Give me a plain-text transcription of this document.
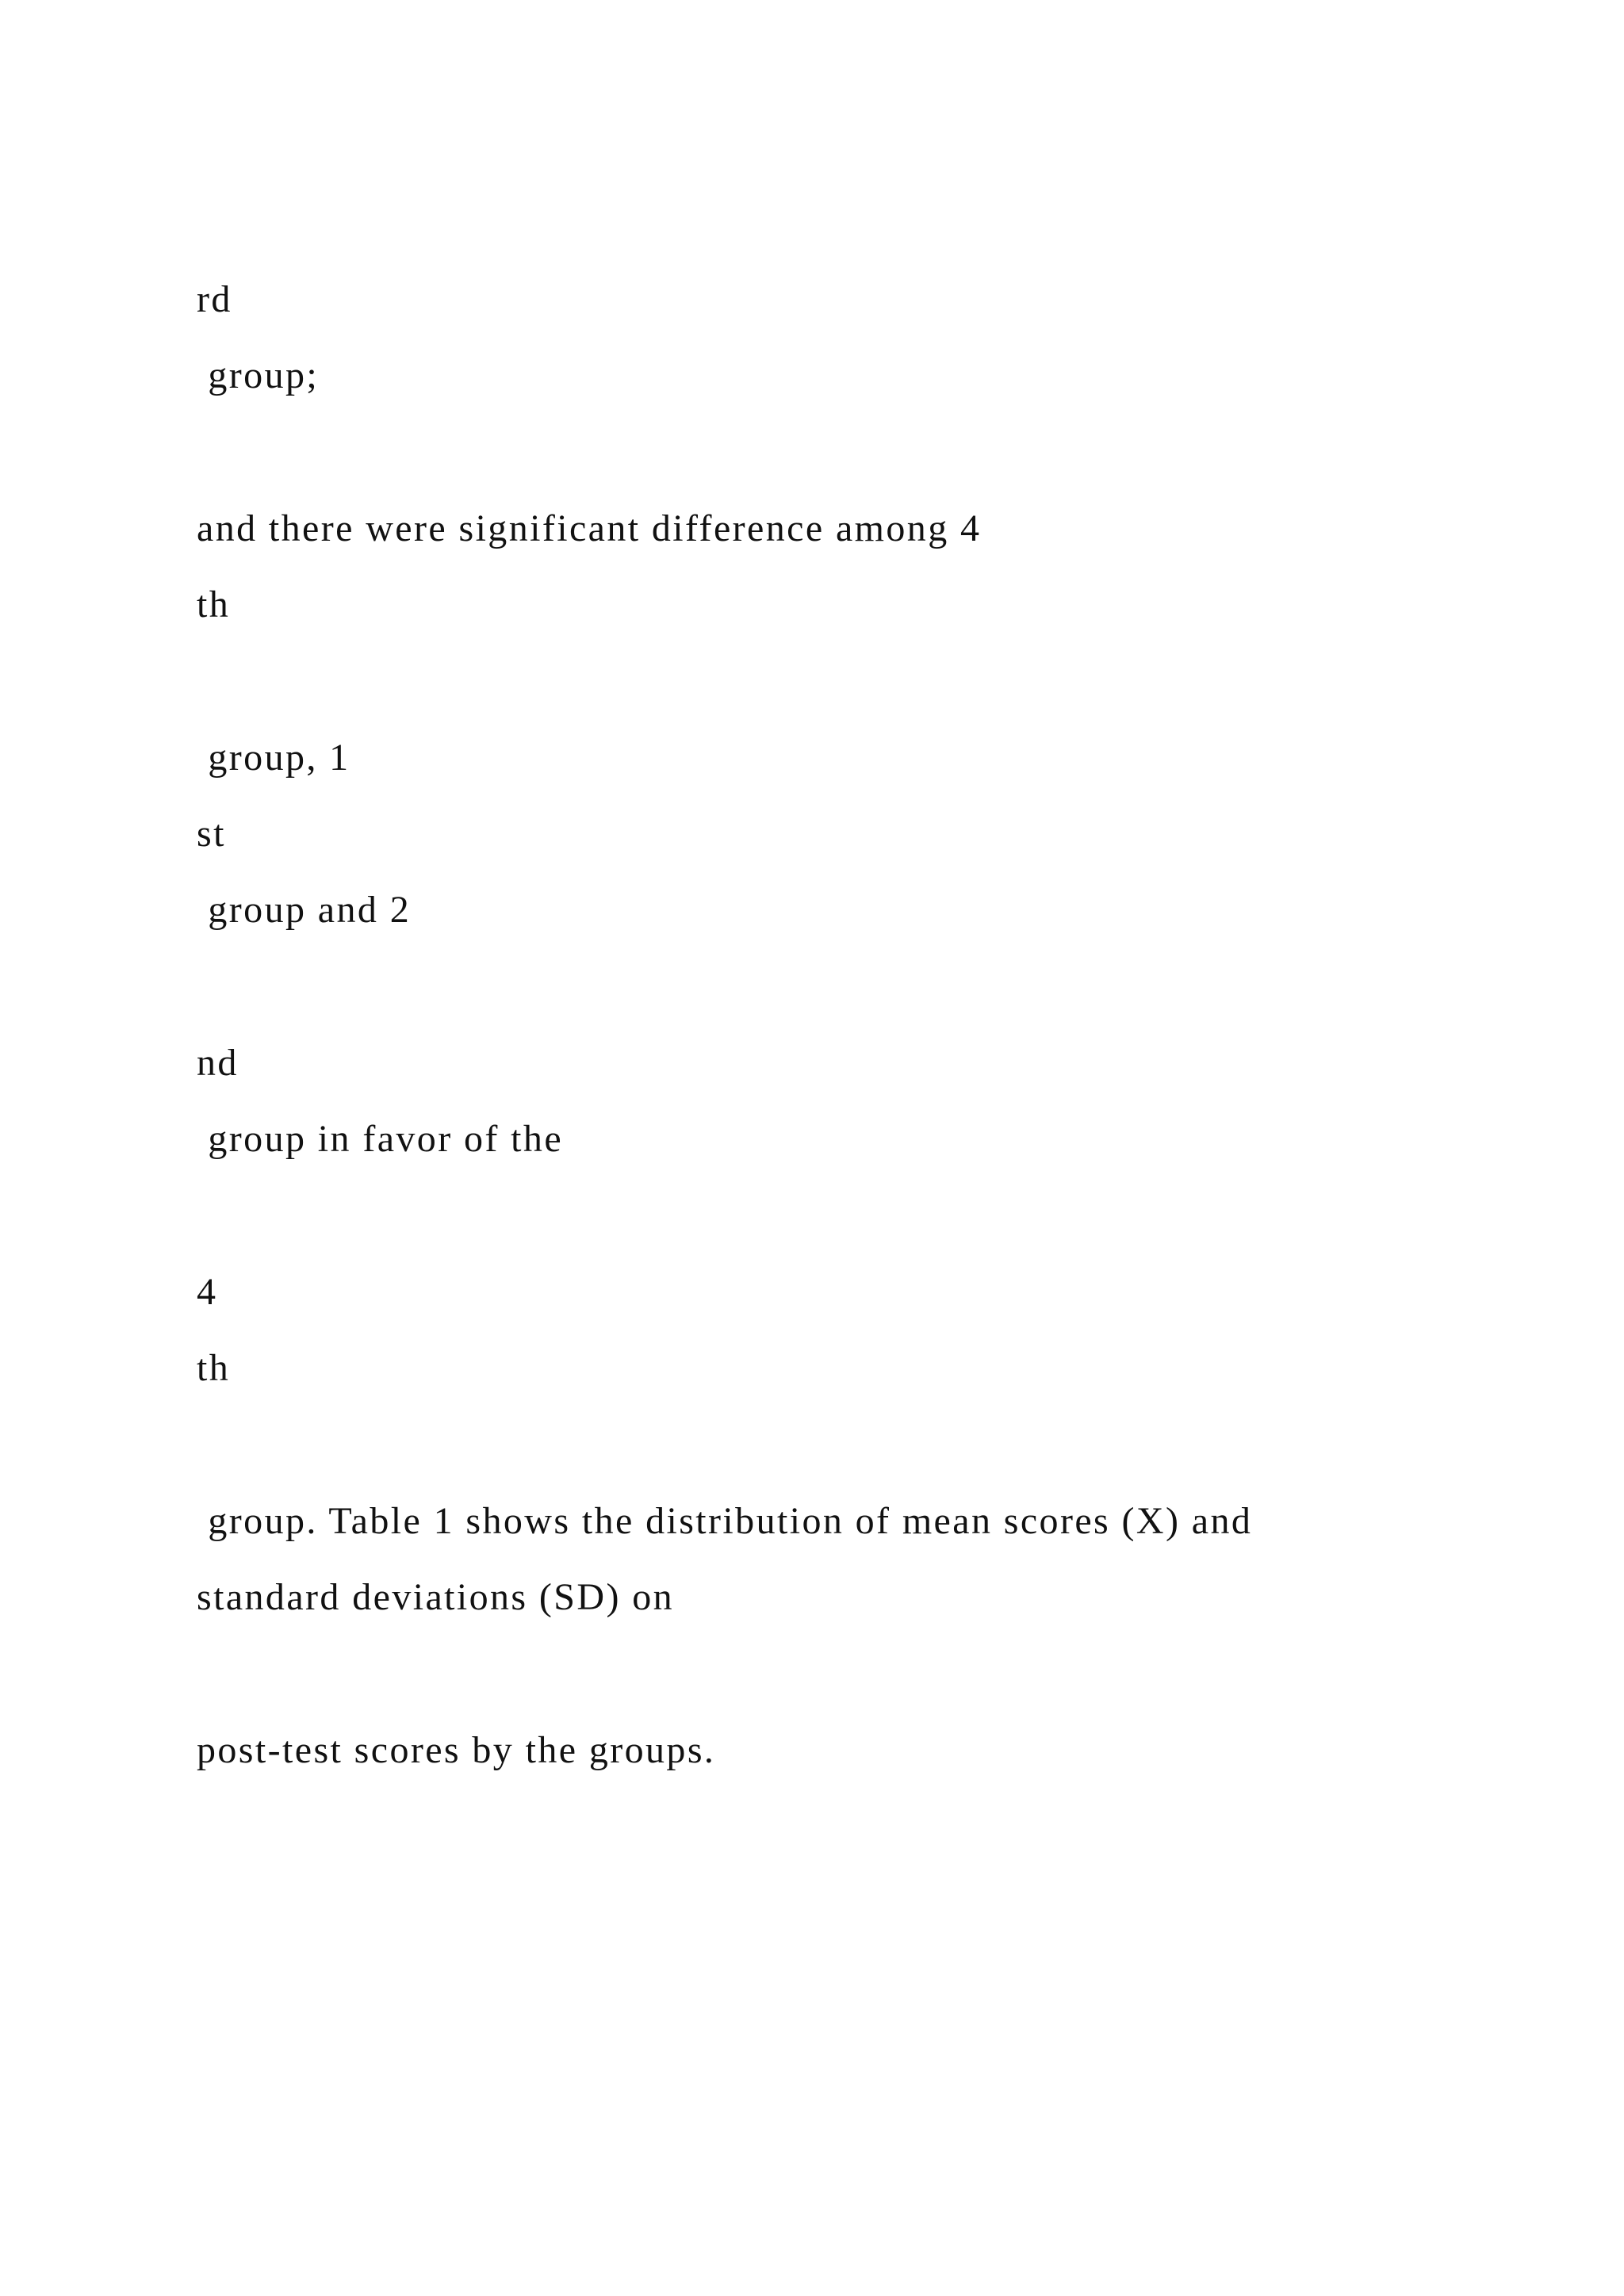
rd

group;

and there were significant difference among 4

th

group, 1

st

group and 2

nd

group in favor of the

4

th

group. Table 1 shows the distribution of mean scores (X) and

standard deviations (SD) on

post-test scores by the groups.
